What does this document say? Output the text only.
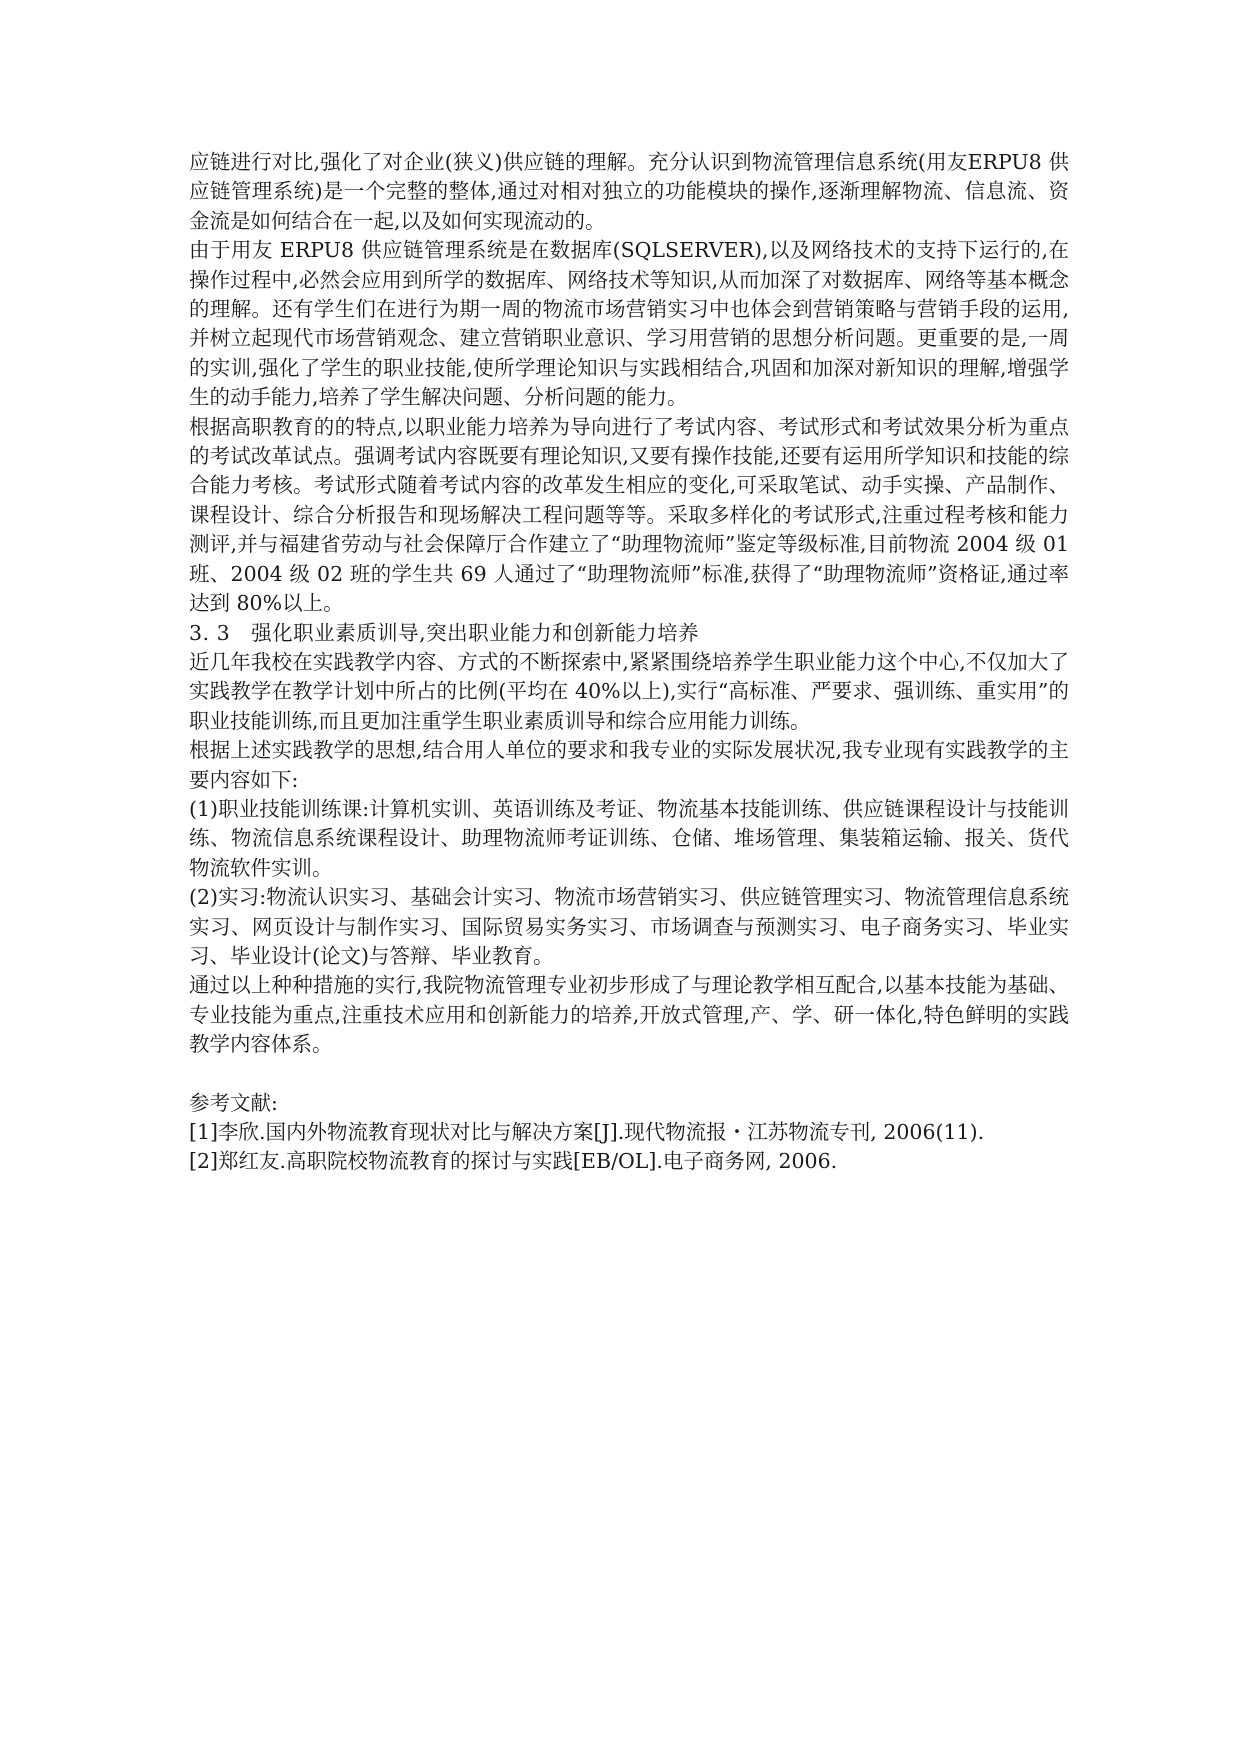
应链进行对比,强化了对企业(狭义)供应链的理解。充分认识到物流管理信息系统(用友ERPU8 供应链管理系统)是一个完整的整体,通过对相对独立的功能模块的操作,逐渐理解物流、信息流、资金流是如何结合在一起,以及如何实现流动的。

由于用友 ERPU8 供应链管理系统是在数据库(SQLSERVER),以及网络技术的支持下运行的,在操作过程中,必然会应用到所学的数据库、网络技术等知识,从而加深了对数据库、网络等基本概念的理解。还有学生们在进行为期一周的物流市场营销实习中也体会到营销策略与营销手段的运用,并树立起现代市场营销观念、建立营销职业意识、学习用营销的思想分析问题。更重要的是,一周的实训,强化了学生的职业技能,使所学理论知识与实践相结合,巩固和加深对新知识的理解,增强学生的动手能力,培养了学生解决问题、分析问题的能力。

根据高职教育的的特点,以职业能力培养为导向进行了考试内容、考试形式和考试效果分析为重点的考试改革试点。强调考试内容既要有理论知识,又要有操作技能,还要有运用所学知识和技能的综合能力考核。考试形式随着考试内容的改革发生相应的变化,可采取笔试、动手实操、产品制作、课程设计、综合分析报告和现场解决工程问题等等。采取多样化的考试形式,注重过程考核和能力测评,并与福建省劳动与社会保障厅合作建立了“助理物流师”鉴定等级标准,目前物流 2004 级 01 班、2004 级 02 班的学生共 69 人通过了“助理物流师”标准,获得了“助理物流师”资格证,通过率达到 80%以上。

3. 3　强化职业素质训导,突出职业能力和创新能力培养

近几年我校在实践教学内容、方式的不断探索中,紧紧围绕培养学生职业能力这个中心,不仅加大了实践教学在教学计划中所占的比例(平均在 40%以上),实行“高标准、严要求、强训练、重实用”的职业技能训练,而且更加注重学生职业素质训导和综合应用能力训练。

根据上述实践教学的思想,结合用人单位的要求和我专业的实际发展状况,我专业现有实践教学的主要内容如下:

(1)职业技能训练课:计算机实训、英语训练及考证、物流基本技能训练、供应链课程设计与技能训练、物流信息系统课程设计、助理物流师考证训练、仓储、堆场管理、集装箱运输、报关、货代物流软件实训。

(2)实习:物流认识实习、基础会计实习、物流市场营销实习、供应链管理实习、物流管理信息系统实习、网页设计与制作实习、国际贸易实务实习、市场调查与预测实习、电子商务实习、毕业实习、毕业设计(论文)与答辩、毕业教育。

通过以上种种措施的实行,我院物流管理专业初步形成了与理论教学相互配合,以基本技能为基础、专业技能为重点,注重技术应用和创新能力的培养,开放式管理,产、学、研一体化,特色鲜明的实践教学内容体系。

参考文献:

[1]李欣.国内外物流教育现状对比与解决方案[J].现代物流报・江苏物流专刊, 2006(11).

[2]郑红友.高职院校物流教育的探讨与实践[EB/OL].电子商务网, 2006.
